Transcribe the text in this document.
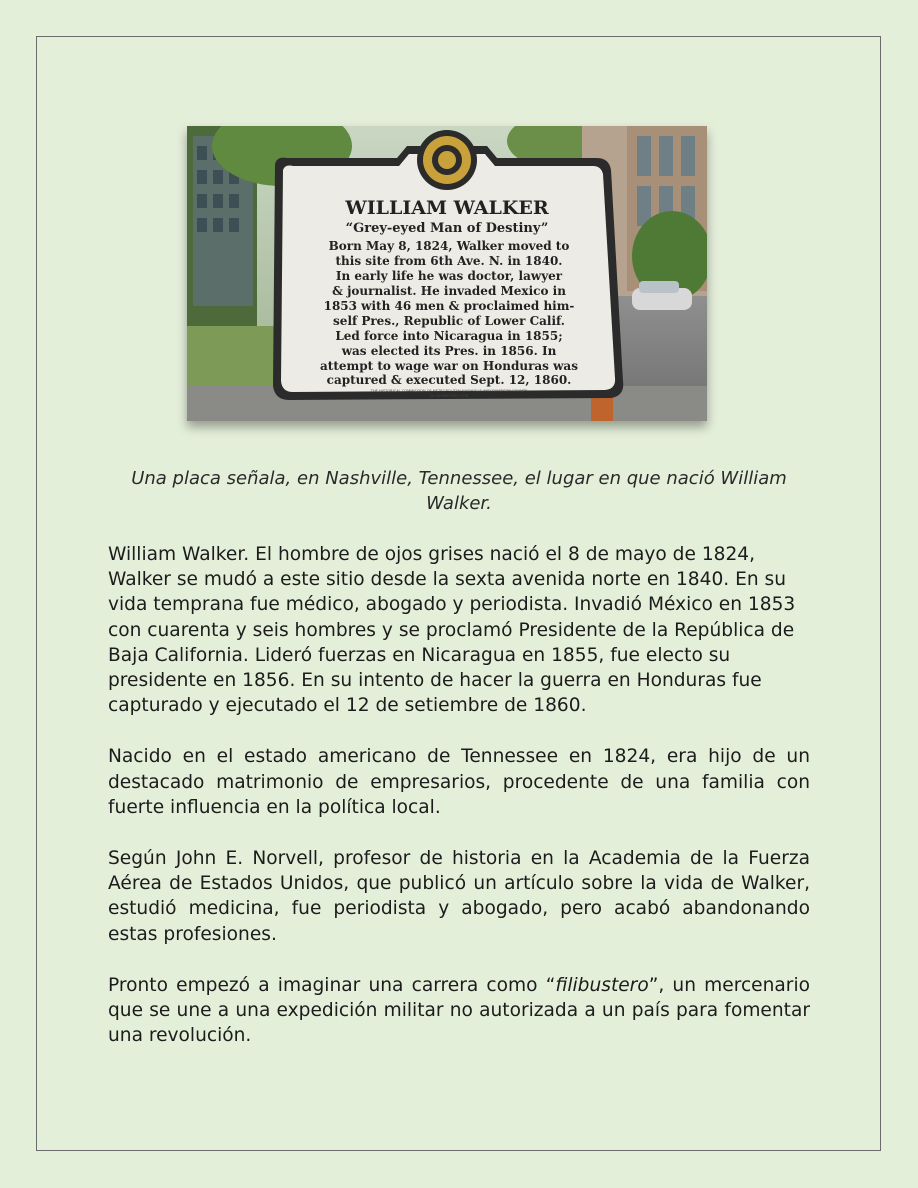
WILLIAM WALKER
“Grey-eyed Man of Destiny”
Born May 8, 1824, Walker moved to
this site from 6th Ave. N. in 1840.
In early life he was doctor, lawyer
& journalist. He invaded Mexico in
1853 with 46 men & proclaimed him-
self Pres., Republic of Lower Calif.
Led force into Nicaragua in 1855;
was elected its Pres. in 1856. In
attempt to wage war on Honduras was
captured & executed Sept. 12, 1860.
THE HISTORICAL COMMISSION OF METROPOLITAN NASHVILLE AND DAVIDSON COUNTY
3A 30 ERECTED 1976
Una placa señala, en Nashville, Tennessee, el lugar en que nació William Walker.

William Walker. El hombre de ojos grises nació el 8 de mayo de 1824, Walker se mudó a este sitio desde la sexta avenida norte en 1840. En su vida temprana fue médico, abogado y periodista. Invadió México en 1853 con cuarenta y seis hombres y se proclamó Presidente de la República de Baja California. Lideró fuerzas en Nicaragua en 1855, fue electo su presidente en 1856. En su intento de hacer la guerra en Honduras fue capturado y ejecutado el 12 de setiembre de 1860.

Nacido en el estado americano de Tennessee en 1824, era hijo de un destacado matrimonio de empresarios, procedente de una familia con fuerte influencia en la política local.

Según John E. Norvell, profesor de historia en la Academia de la Fuerza Aérea de Estados Unidos, que publicó un artículo sobre la vida de Walker, estudió medicina, fue periodista y abogado, pero acabó abandonando estas profesiones.

Pronto empezó a imaginar una carrera como “filibustero”, un mercenario que se une a una expedición militar no autorizada a un país para fomentar una revolución.
